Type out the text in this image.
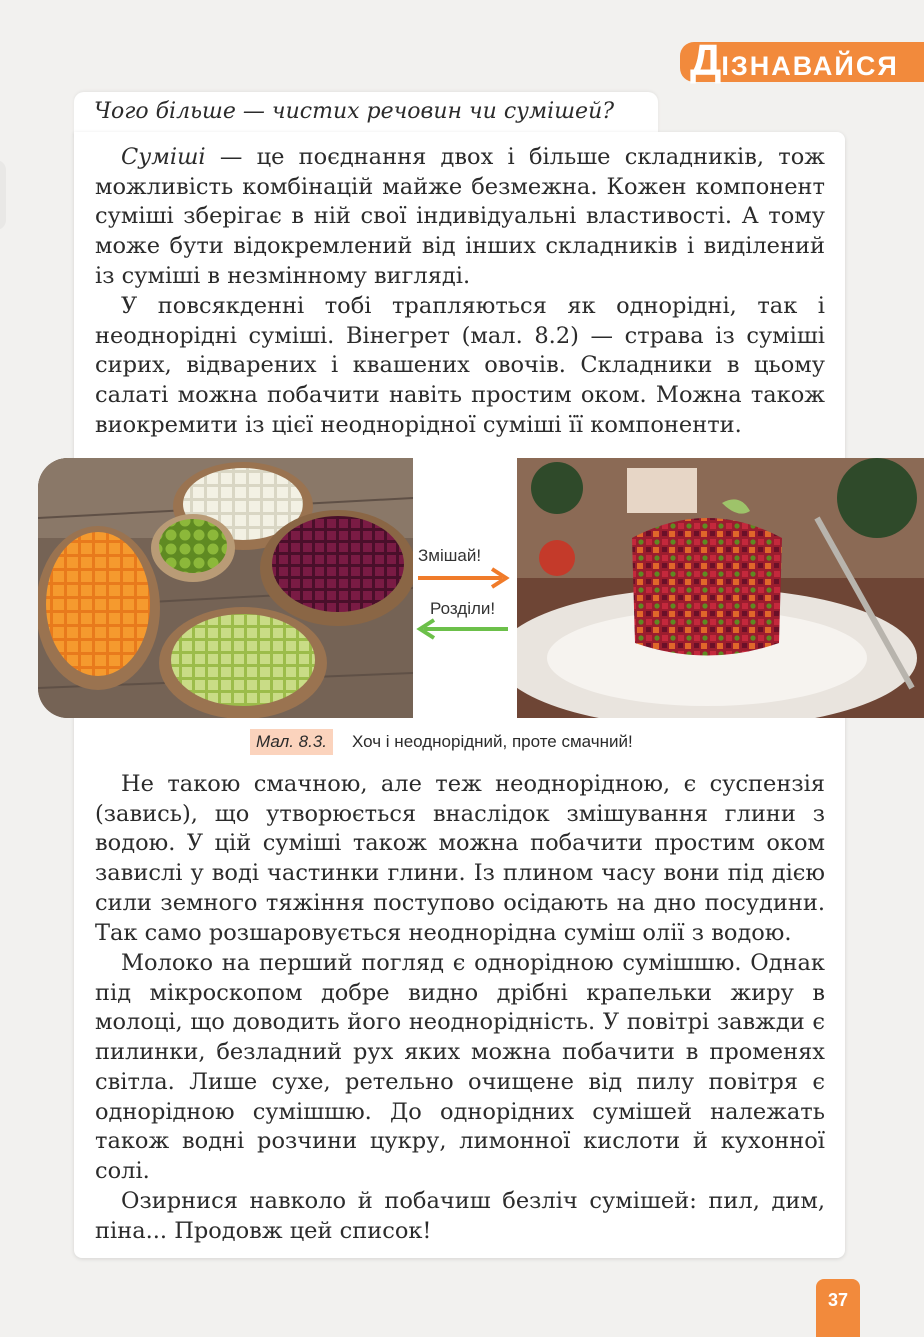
ДІЗНАВАЙСЯ
Чого більше — чистих речовин чи сумішей?

Суміші — це поєднання двох і більше складників, тож можливість комбінацій майже безмежна. Кожен компонент суміші зберігає в ній свої індивідуальні властивості. А тому може бути відокремлений від інших складників і виділений із суміші в незмінному вигляді.

У повсякденні тобі трапляються як однорідні, так і неоднорідні суміші. Вінегрет (мал. 8.2) — страва із суміші сирих, відварених і квашених овочів. Складники в цьому салаті можна побачити навіть простим оком. Можна також виокремити із цієї неоднорідної суміші її компоненти.

Змішай!
Розділи!
Мал. 8.3.	Хоч і неоднорідний, проте смачний!

Не такою смачною, але теж неоднорідною, є суспензія (завись), що утворюється внаслідок змішування глини з водою. У цій суміші також можна побачити простим оком завислі у воді частинки глини. Із плином часу вони під дією сили земного тяжіння поступово осідають на дно посудини. Так само розшаровується неоднорідна суміш олії з водою.

Молоко на перший погляд є однорідною сумішшю. Однак під мікроскопом добре видно дрібні крапельки жиру в молоці, що доводить його неоднорідність. У повітрі завжди є пилинки, безладний рух яких можна побачити в променях світла. Лише сухе, ретельно очищене від пилу повітря є однорідною сумішшю. До однорідних сумішей належать також водні розчини цукру, лимонної кислоти й кухонної солі.

Озирнися навколо й побачиш безліч сумішей: пил, дим, піна... Продовж цей список!

37
